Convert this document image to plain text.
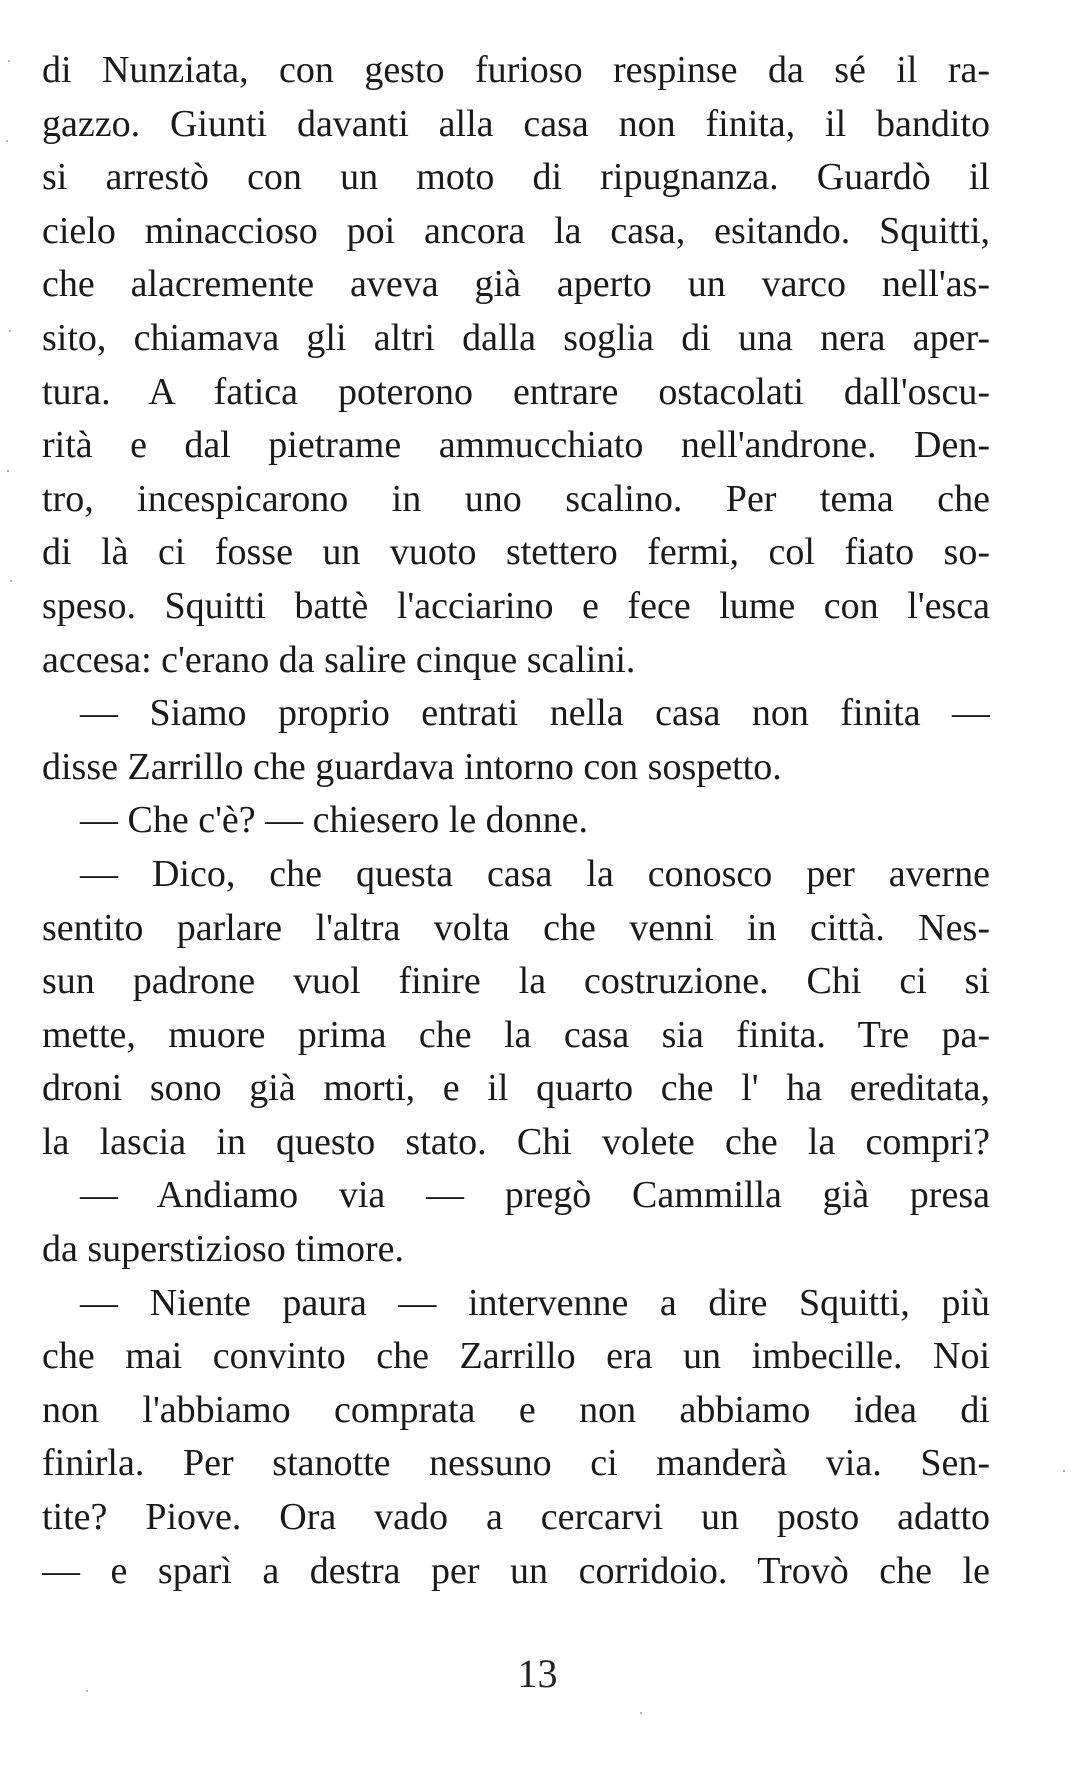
di Nunziata, con gesto furioso respinse da sé il ra-
gazzo. Giunti davanti alla casa non finita, il bandito
si arrestò con un moto di ripugnanza. Guardò il
cielo minaccioso poi ancora la casa, esitando. Squitti,
che alacremente aveva già aperto un varco nell'as-
sito, chiamava gli altri dalla soglia di una nera aper-
tura. A fatica poterono entrare ostacolati dall'oscu-
rità e dal pietrame ammucchiato nell'androne. Den-
tro, incespicarono in uno scalino. Per tema che
di là ci fosse un vuoto stettero fermi, col fiato so-
speso. Squitti battè l'acciarino e fece lume con l'esca
accesa: c'erano da salire cinque scalini.
 — Siamo proprio entrati nella casa non finita —
disse Zarrillo che guardava intorno con sospetto.
 — Che c'è? — chiesero le donne.
 — Dico, che questa casa la conosco per averne
sentito parlare l'altra volta che venni in città. Nes-
sun padrone vuol finire la costruzione. Chi ci si
mette, muore prima che la casa sia finita. Tre pa-
droni sono già morti, e il quarto che l' ha ereditata,
la lascia in questo stato. Chi volete che la compri?
 — Andiamo via — pregò Cammilla già presa
da superstizioso timore.
 — Niente paura — intervenne a dire Squitti, più
che mai convinto che Zarrillo era un imbecille. Noi
non l'abbiamo comprata e non abbiamo idea di
finirla. Per stanotte nessuno ci manderà via. Sen-
tite? Piove. Ora vado a cercarvi un posto adatto
— e sparì a destra per un corridoio. Trovò che le
13
